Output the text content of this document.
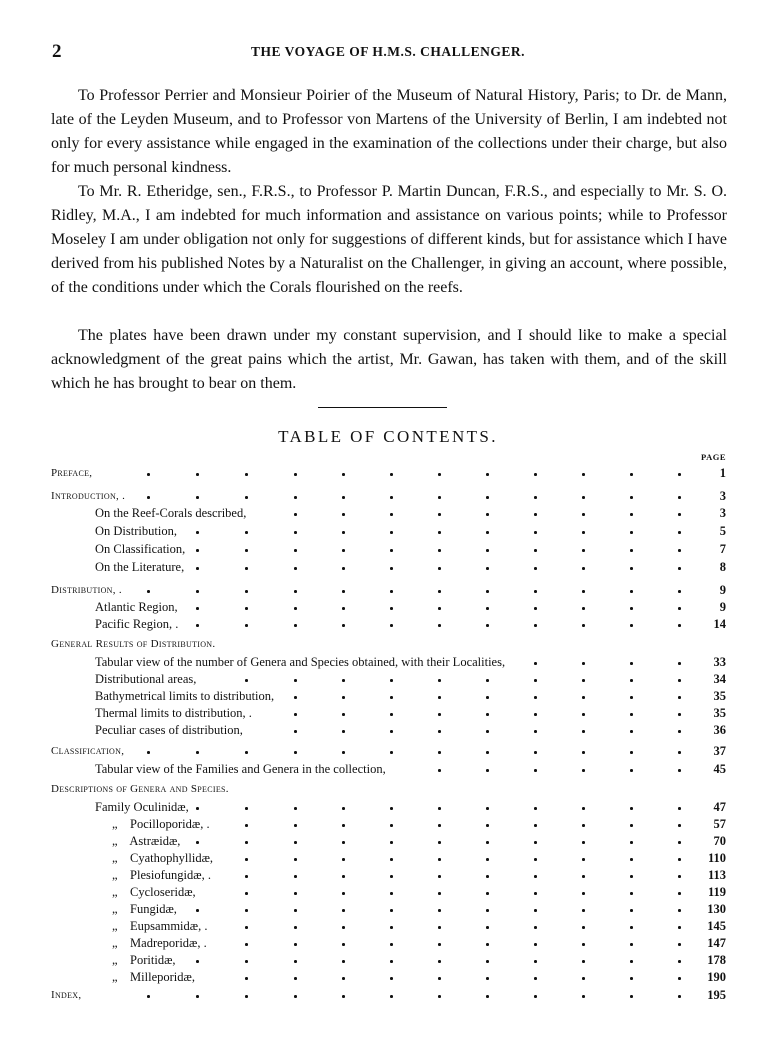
2	THE VOYAGE OF H.M.S. CHALLENGER.

To Professor Perrier and Monsieur Poirier of the Museum of Natural History, Paris; to Dr. de Mann, late of the Leyden Museum, and to Professor von Martens of the University of Berlin, I am indebted not only for every assistance while engaged in the examination of the collections under their charge, but also for much personal kindness.

To Mr. R. Etheridge, sen., F.R.S., to Professor P. Martin Duncan, F.R.S., and especially to Mr. S. O. Ridley, M.A., I am indebted for much information and assistance on various points; while to Professor Moseley I am under obligation not only for suggestions of different kinds, but for assistance which I have derived from his published Notes by a Naturalist on the Challenger, in giving an account, where possible, of the conditions under which the Corals flourished on the reefs.

The plates have been drawn under my constant supervision, and I should like to make a special acknowledgment of the great pains which the artist, Mr. Gawan, has taken with them, and of the skill which he has brought to bear on them.

TABLE OF CONTENTS.
PAGE
Preface,	1
Introduction, .	3
On the Reef-Corals described,	3
On Distribution,	5
On Classification,	7
On the Literature,	8
Distribution, .	9
Atlantic Region,	9
Pacific Region, .	14
General Results of Distribution.
Tabular view of the number of Genera and Species obtained, with their Localities,	33
Distributional areas,	34
Bathymetrical limits to distribution,	35
Thermal limits to distribution, .	35
Peculiar cases of distribution,	36
Classification,	37
Tabular view of the Families and Genera in the collection,	45
Descriptions of Genera and Species.
Family Oculinidæ,	47
„    Pocilloporidæ, .	57
„    Astræidæ,	70
„    Cyathophyllidæ,	110
„    Plesiofungidæ, .	113
„    Cycloseridæ,	119
„    Fungidæ,	130
„    Eupsammidæ, .	145
„    Madreporidæ, .	147
„    Poritidæ,	178
„    Milleporidæ,	190
Index,	195
